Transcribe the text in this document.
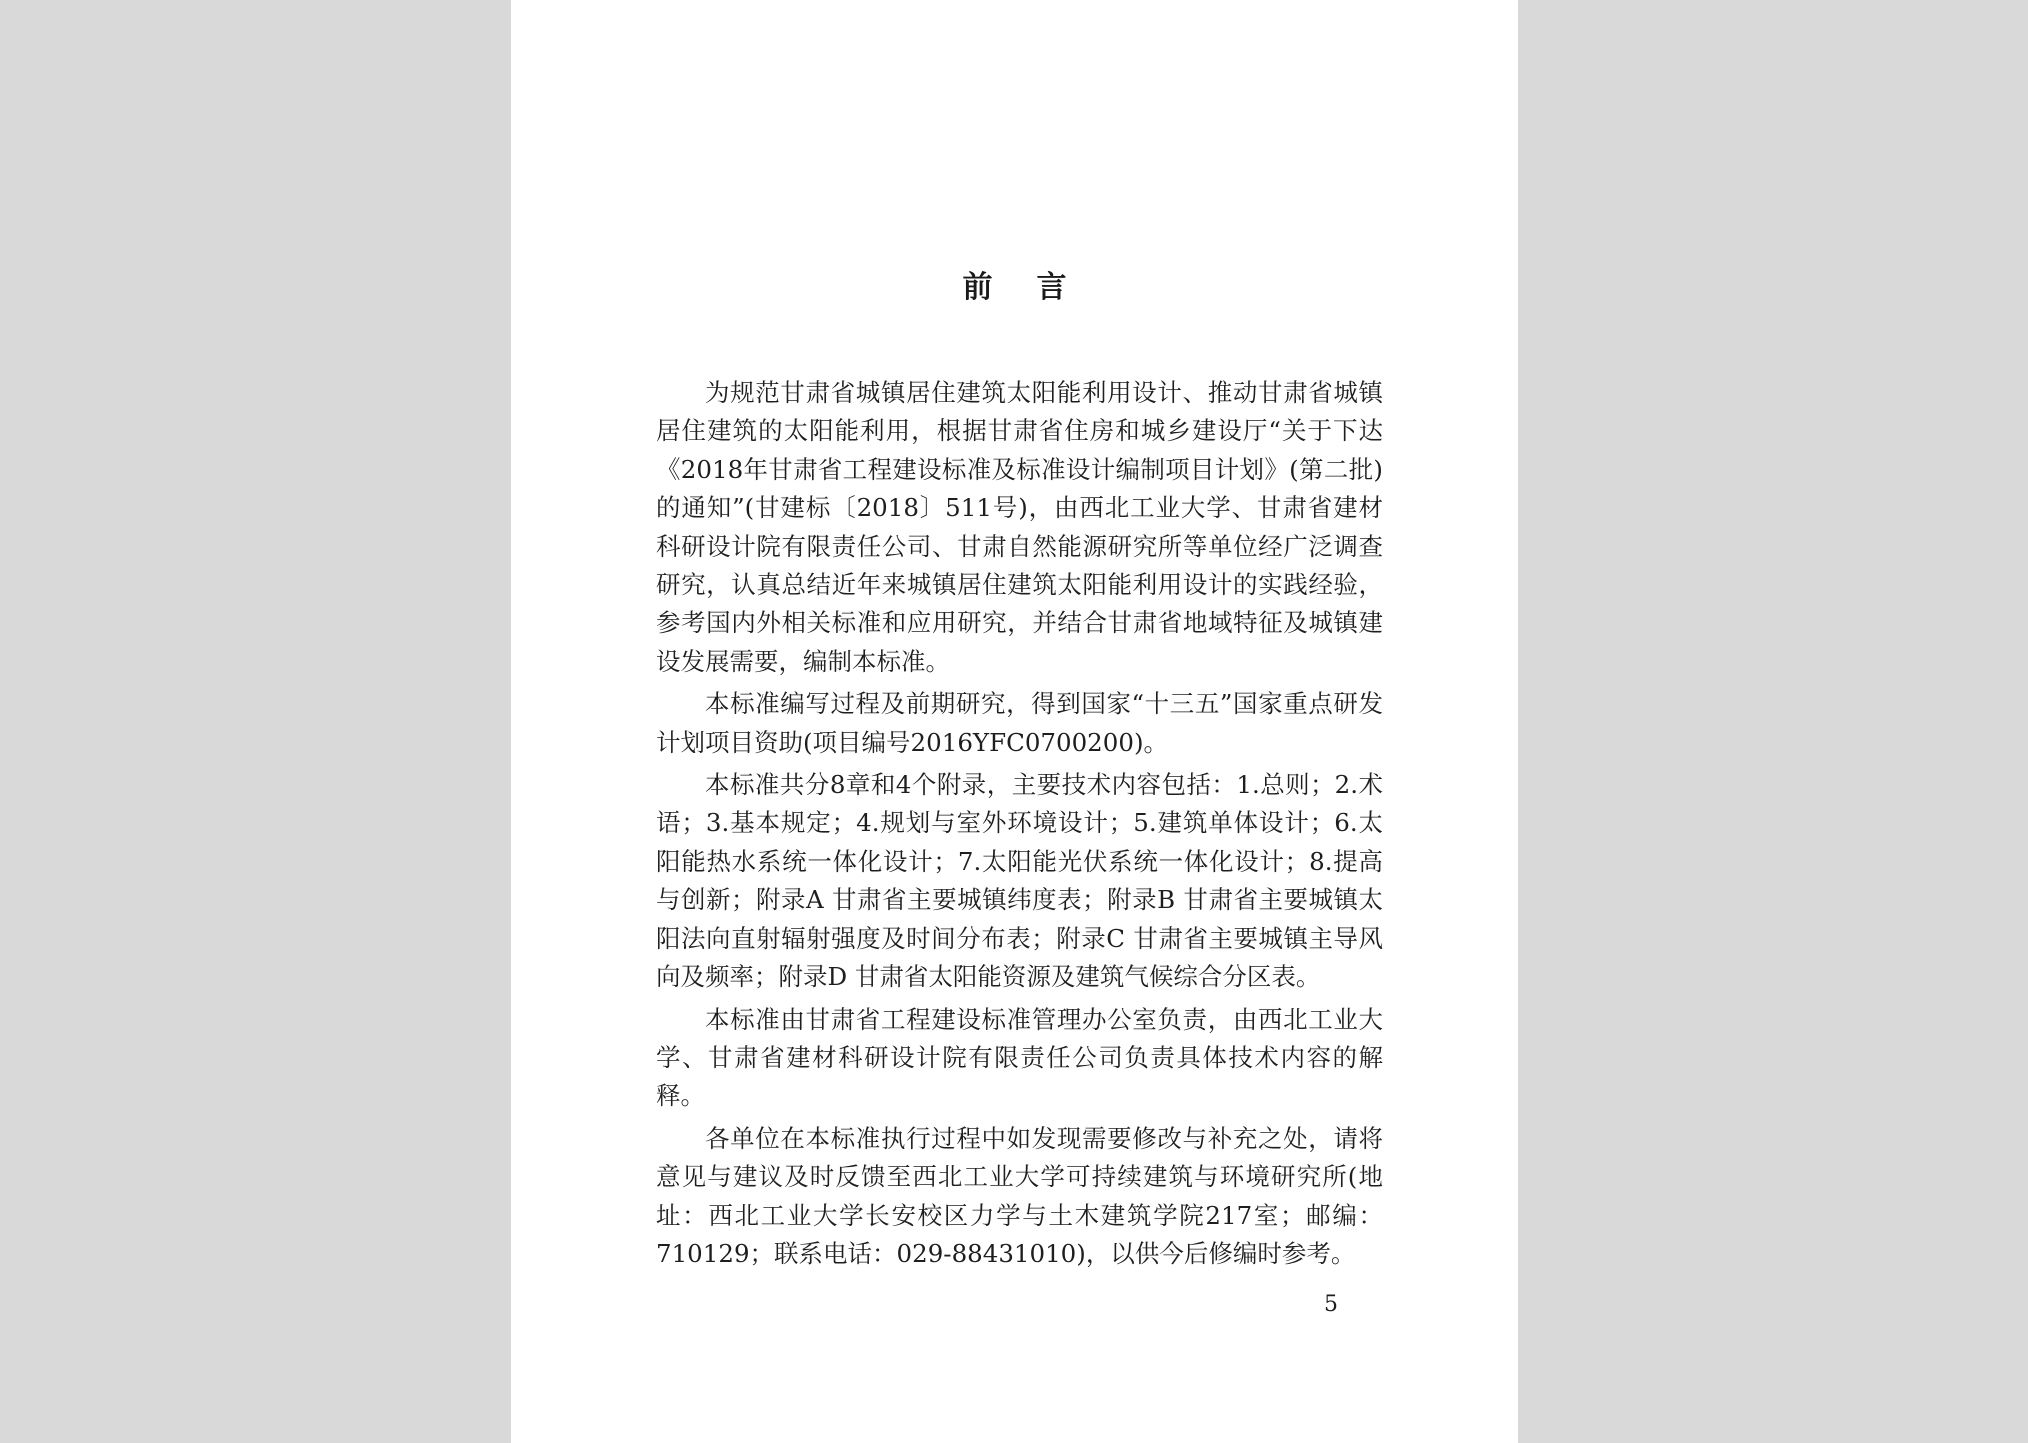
前 言

为规范甘肃省城镇居住建筑太阳能利用设计、推动甘肃省城镇居住建筑的太阳能利用，根据甘肃省住房和城乡建设厅“关于下达《2018年甘肃省工程建设标准及标准设计编制项目计划》(第二批)的通知”(甘建标〔2018〕511号)，由西北工业大学、甘肃省建材科研设计院有限责任公司、甘肃自然能源研究所等单位经广泛调查研究，认真总结近年来城镇居住建筑太阳能利用设计的实践经验，参考国内外相关标准和应用研究，并结合甘肃省地域特征及城镇建设发展需要，编制本标准。

本标准编写过程及前期研究，得到国家“十三五”国家重点研发计划项目资助(项目编号2016YFC0700200)。

本标准共分8章和4个附录，主要技术内容包括：1.总则；2.术语；3.基本规定；4.规划与室外环境设计；5.建筑单体设计；6.太阳能热水系统一体化设计；7.太阳能光伏系统一体化设计；8.提高与创新；附录A 甘肃省主要城镇纬度表；附录B 甘肃省主要城镇太阳法向直射辐射强度及时间分布表；附录C 甘肃省主要城镇主导风向及频率；附录D 甘肃省太阳能资源及建筑气候综合分区表。

本标准由甘肃省工程建设标准管理办公室负责，由西北工业大学、甘肃省建材科研设计院有限责任公司负责具体技术内容的解释。

各单位在本标准执行过程中如发现需要修改与补充之处，请将意见与建议及时反馈至西北工业大学可持续建筑与环境研究所(地址：西北工业大学长安校区力学与土木建筑学院217室；邮编：710129；联系电话：029-88431010)，以供今后修编时参考。

5
